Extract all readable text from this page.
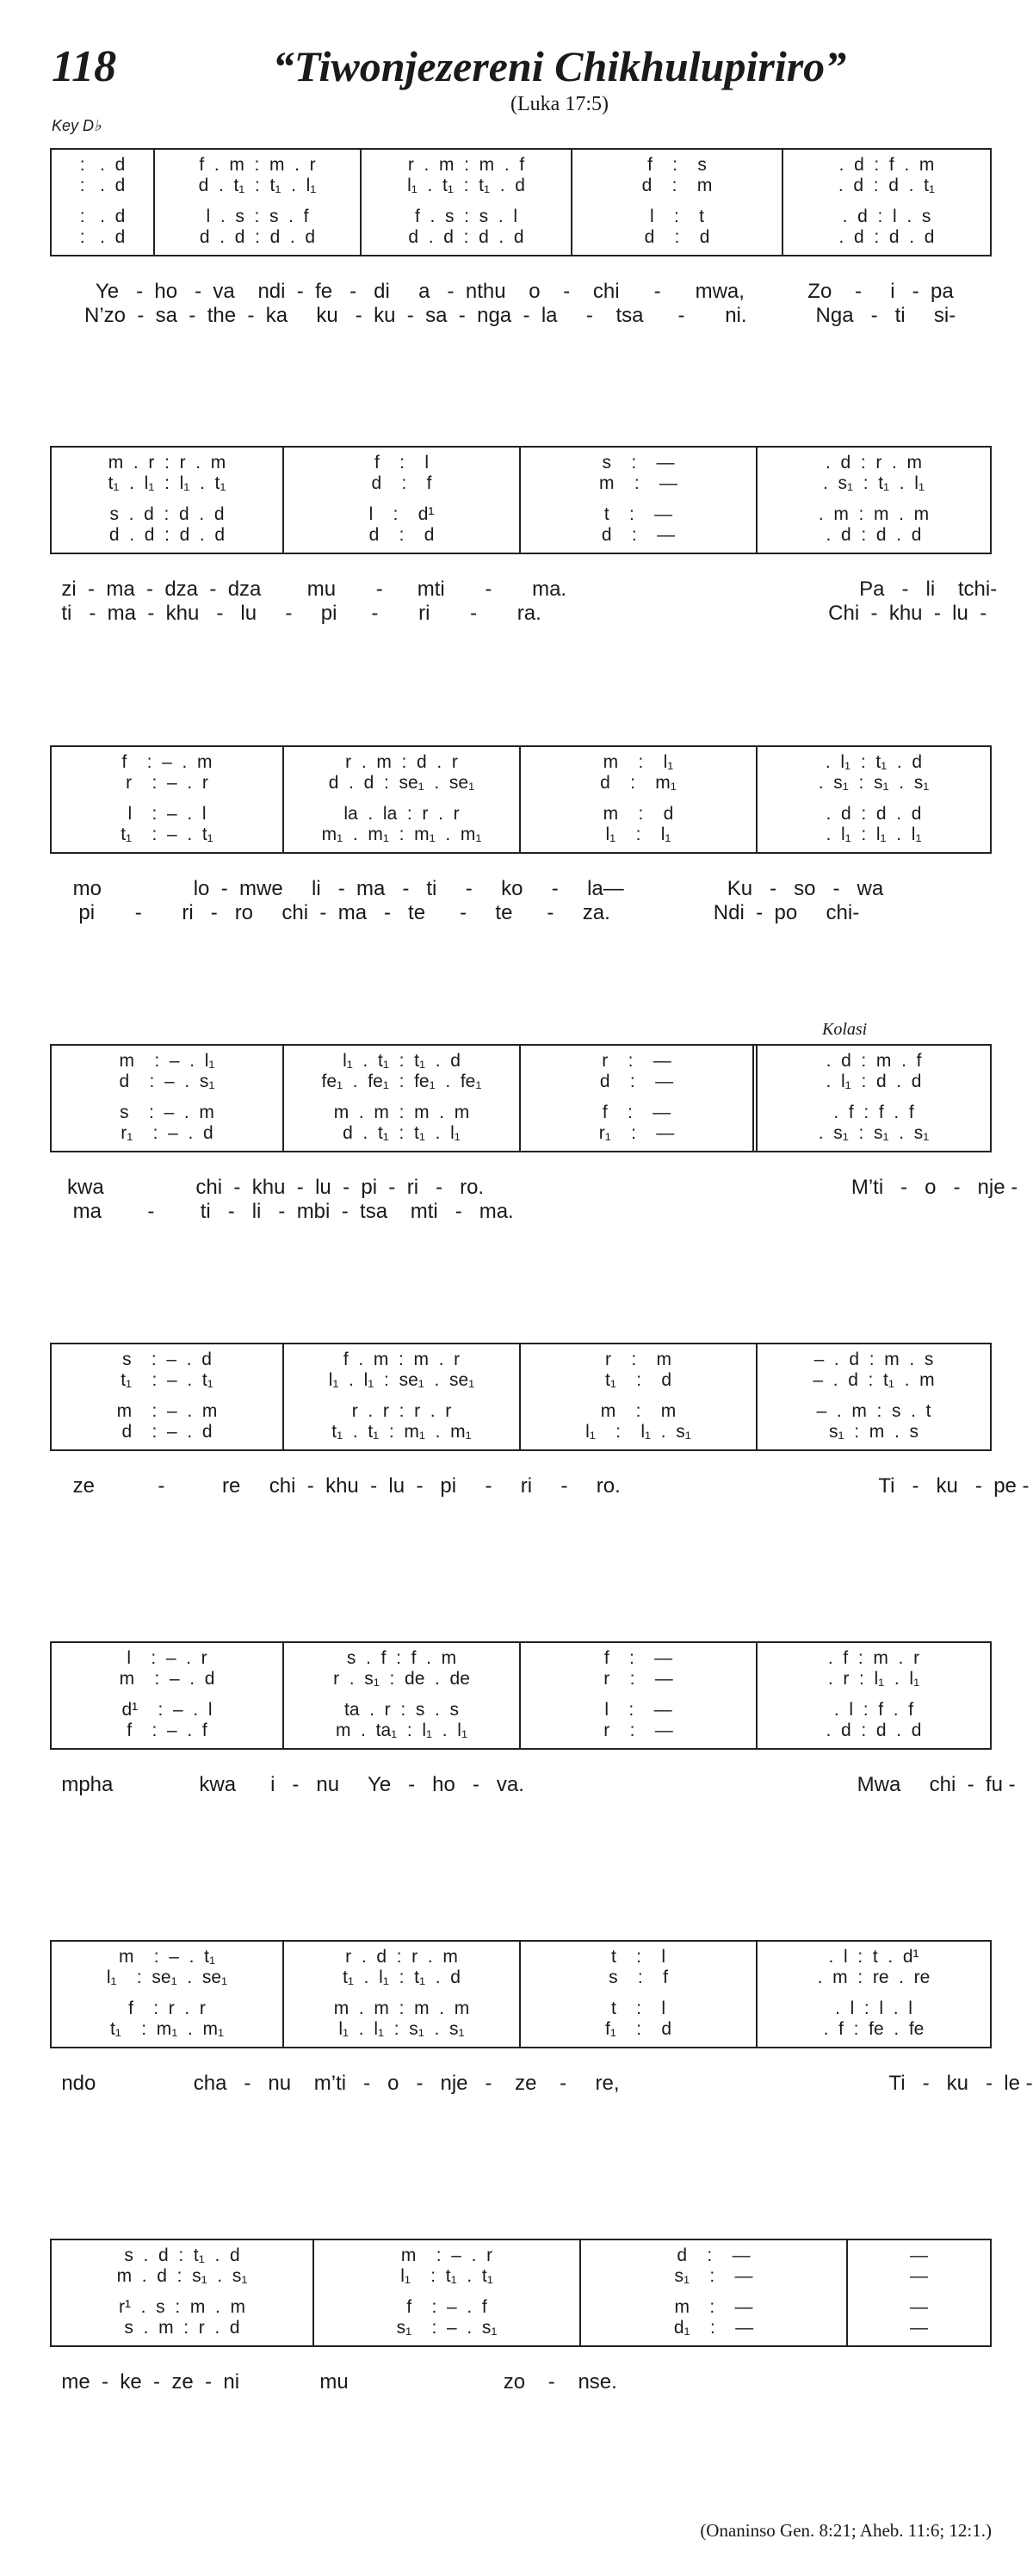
118	“Tiwonjezereni Chikhulupiriro”
(Luka 17:5)
Key D♭
:   .  d
:   .  d
:   .  d
:   .  d
f  .  m  :  m  .  r
d  .  t₁  :  t₁  .  l₁
l  .  s  :  s  .  f
d  .  d  :  d  .  d
r  .  m  :  m  .  f
l₁  .  t₁  :  t₁  .  d
f  .  s  :  s  .  l
d  .  d  :  d  .  d
f    :    s
d    :    m
l    :    t
d    :    d
.  d  :  f  .  m
.  d  :  d  .  t₁
.  d  :  l  .  s
.  d  :  d  .  d
Ye   -  ho   -  va    ndi  -  fe   -   di     a   -  nthu    o    -    chi      -      mwa,           Zo    -     i   -  pa
N’zo  -  sa  -  the  -  ka     ku   -  ku  -  sa  -  nga  -  la     -    tsa      -       ni.            Nga   -   ti     si-
m  .  r  :  r  .  m
t₁  .  l₁  :  l₁  .  t₁
s  .  d  :  d  .  d
d  .  d  :  d  .  d
f    :    l
d    :    f
l    :    d¹
d    :    d
s    :    —
m    :    —
t    :    —
d    :    —
.  d  :  r  .  m
.  s₁  :  t₁  .  l₁
.  m  :  m  .  m
.  d  :  d  .  d
zi  -  ma  -  dza  -  dza        mu       -      mti       -       ma.                                                   Pa   -   li    tchi-
ti   -  ma  -  khu   -   lu     -     pi      -       ri       -       ra.                                                  Chi  -  khu  -  lu  -
f    :  –  .  m
r    :  –  .  r
l    :  –  .  l
t₁    :  –  .  t₁
r  .  m  :  d  .  r
d  .  d  :  se₁  .  se₁
la  .  la  :  r  .  r
m₁  .  m₁  :  m₁  .  m₁
m    :    l₁
d    :    m₁
m    :    d
l₁    :    l₁
.  l₁  :  t₁  .  d
.  s₁  :  s₁  .  s₁
.  d  :  d  .  d
.  l₁  :  l₁  .  l₁
mo                lo  -  mwe     li   -  ma   -   ti     -     ko     -     la—                  Ku   -   so   -   wa
pi       -       ri   -   ro     chi  -  ma   -   te      -     te      -     za.                  Ndi  -  po     chi-
Kolasi
m    :  –  .  l₁
d    :  –  .  s₁
s    :  –  .  m
r₁    :  –  .  d
l₁  .  t₁  :  t₁  .  d
fe₁  .  fe₁  :  fe₁  .  fe₁
m  .  m  :  m  .  m
d  .  t₁  :  t₁  .  l₁
r    :    —
d    :    —
f    :    —
r₁    :    —
.  d  :  m  .  f
.  l₁  :  d  .  d
.  f  :  f  .  f
.  s₁  :  s₁  .  s₁
kwa                chi  -  khu  -  lu  -  pi  -  ri   -   ro.                                                                M’ti   -   o   -   nje -
ma        -        ti   -   li   -  mbi  -  tsa    mti   -   ma.
s    :  –  .  d
t₁    :  –  .  t₁
m    :  –  .  m
d    :  –  .  d
f  .  m  :  m  .  r
l₁  .  l₁  :  se₁  .  se₁
r  .  r  :  r  .  r
t₁  .  t₁  :  m₁  .  m₁
r    :    m
t₁    :    d
m    :    m
l₁    :    l₁  .  s₁
–  .  d  :  m  .  s
–  .  d  :  t₁  .  m
–  .  m  :  s  .  t
s₁  :  m  .  s
ze           -          re     chi  -  khu  -  lu  -   pi     -     ri     -     ro.                                             Ti   -   ku   -  pe -
l    :  –  .  r
m    :  –  .  d
d¹    :  –  .  l
f    :  –  .  f
s  .  f  :  f  .  m
r  .  s₁  :  de  .  de
ta  .  r  :  s  .  s
m  .  ta₁  :  l₁  .  l₁
f    :    —
r    :    —
l    :    —
r    :    —
.  f  :  m  .  r
.  r  :  l₁  .  l₁
.  l  :  f  .  f
.  d  :  d  .  d
mpha               kwa      i   -   nu     Ye   -   ho   -   va.                                                          Mwa     chi  -  fu -
m    :  –  .  t₁
l₁    :  se₁  .  se₁
f    :  r  .  r
t₁    :  m₁  .  m₁
r  .  d  :  r  .  m
t₁  .  l₁  :  t₁  .  d
m  .  m  :  m  .  m
l₁  .  l₁  :  s₁  .  s₁
t    :    l
s    :    f
t    :    l
f₁    :    d
.  l  :  t  .  d¹
.  m  :  re  .  re
.  l  :  l  .  l
.  f  :  fe  .  fe
ndo                 cha   -   nu    m’ti   -   o   -   nje   -    ze    -     re,                                               Ti   -   ku   -  le -
s  .  d  :  t₁  .  d
m  .  d  :  s₁  .  s₁
r¹  .  s  :  m  .  m
s  .  m  :  r  .  d
m    :  –  .  r
l₁    :  t₁  .  t₁
f    :  –  .  f
s₁    :  –  .  s₁
d    :    —
s₁    :    —
m    :    —
d₁    :    —
—
—
—
—
me  -  ke  -  ze  -  ni              mu                           zo    -    nse.
(Onaninso Gen. 8:21; Aheb. 11:6; 12:1.)
